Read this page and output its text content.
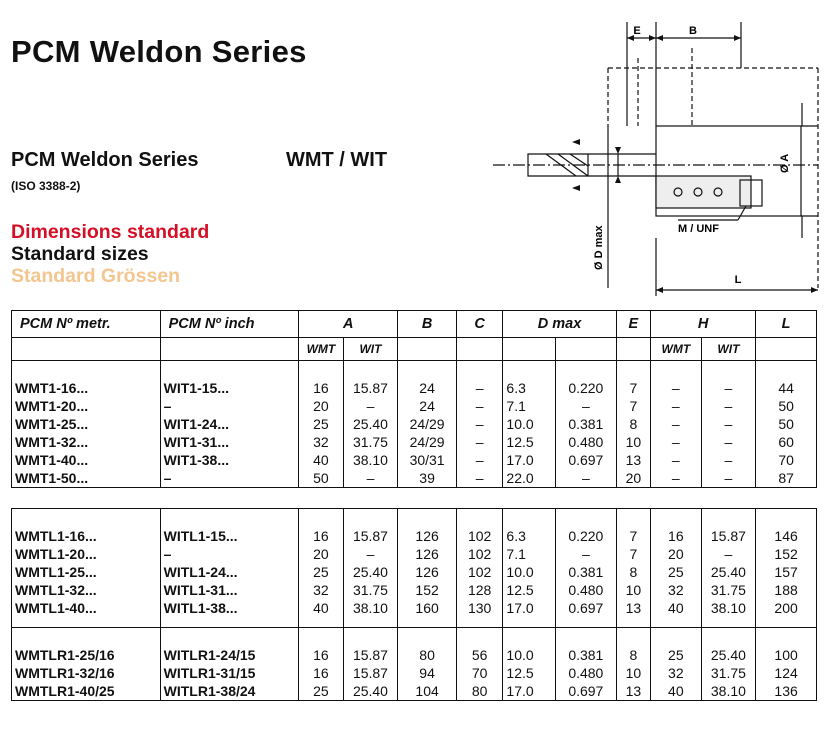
PCM Weldon Series
PCM Weldon Series	WMT / WIT
(ISO 3388-2)
Dimensions standard
Standard sizes
Standard Grössen
E	B
Ø A
Ø D max	M / UNF
L
PCM Nº metr.	PCM Nº inch	A		B	C	D max		E	H		L
		WMT	WIT						WMT	WIT	

WMT1-16...	WIT1-15...	16	15.87	24	–	6.3	0.220	7	–	–	44
WMT1-20...	–	20	–	24	–	7.1	–	7	–	–	50
WMT1-25...	WIT1-24...	25	25.40	24/29	–	10.0	0.381	8	–	–	50
WMT1-32...	WIT1-31...	32	31.75	24/29	–	12.5	0.480	10	–	–	60
WMT1-40...	WIT1-38...	40	38.10	30/31	–	17.0	0.697	13	–	–	70
WMT1-50...	–	50	–	39	–	22.0	–	20	–	–	87

WMTL1-16...	WITL1-15...	16	15.87	126	102	6.3	0.220	7	16	15.87	146
WMTL1-20...	–	20	–	126	102	7.1	–	7	20	–	152
WMTL1-25...	WITL1-24...	25	25.40	126	102	10.0	0.381	8	25	25.40	157
WMTL1-32...	WITL1-31...	32	31.75	152	128	12.5	0.480	10	32	31.75	188
WMTL1-40...	WITL1-38...	40	38.10	160	130	17.0	0.697	13	40	38.10	200

WMTLR1-25/16	WITLR1-24/15	16	15.87	80	56	10.0	0.381	8	25	25.40	100
WMTLR1-32/16	WITLR1-31/15	16	15.87	94	70	12.5	0.480	10	32	31.75	124
WMTLR1-40/25	WITLR1-38/24	25	25.40	104	80	17.0	0.697	13	40	38.10	136
